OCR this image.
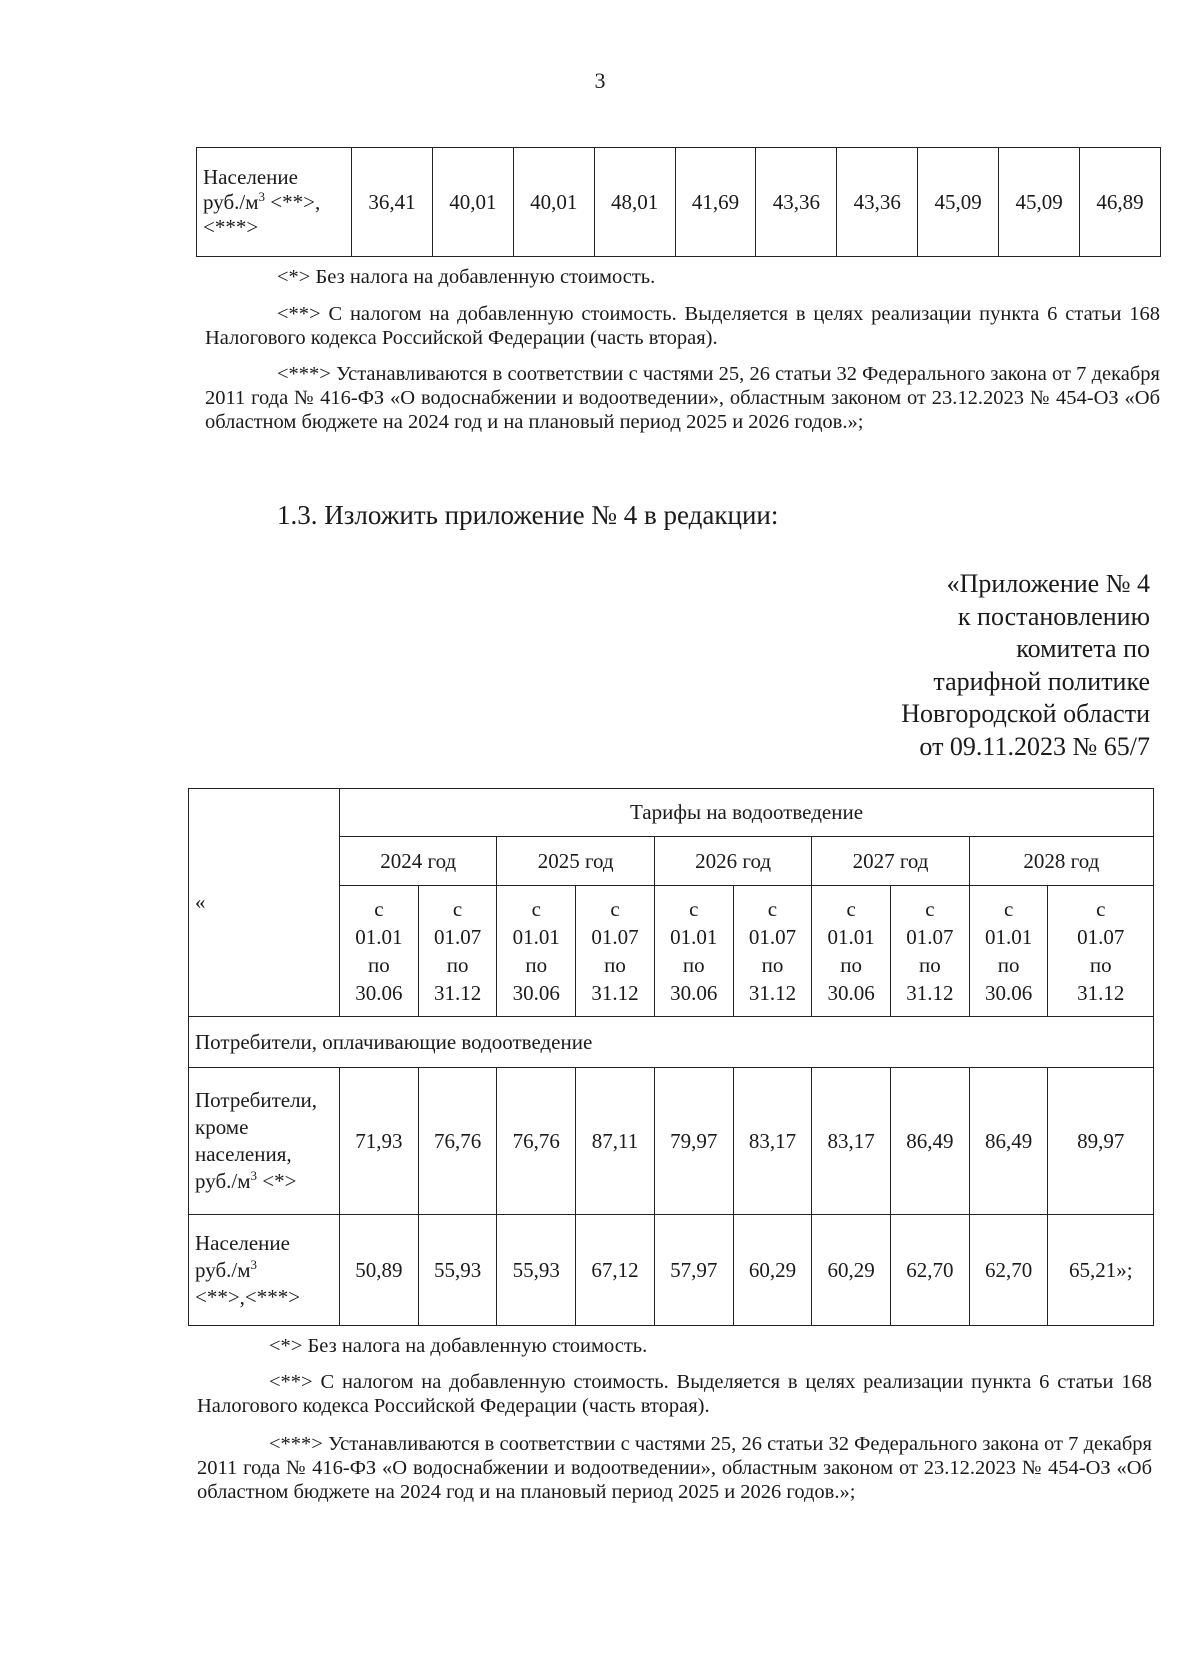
3
Население
$руб./м^3$ <**>,
<***>	36,41	40,01	40,01	48,01	41,69	43,36	43,36	45,09	45,09	46,89
<*> Без налога на добавленную стоимость.
<**> С налогом на добавленную стоимость. Выделяется в целях реализации пункта 6 статьи 168 Налогового кодекса Российской Федерации (часть вторая).
<***> Устанавливаются в соответствии с частями 25, 26 статьи 32 Федерального закона от 7 декабря 2011 года № 416-ФЗ «О водоснабжении и водоотведении», областным законом от 23.12.2023 № 454-ОЗ «Об областном бюджете на 2024 год и на плановый период 2025 и 2026 годов.»;
1.3. Изложить приложение № 4 в редакции:
«Приложение № 4
к постановлению
комитета по
тарифной политике
Новгородской области
от 09.11.2023 № 65/7
«	Тарифы на водоотведение									
	2024 год		2025 год		2026 год		2027 год		2028 год	
	с
01.01
по
30.06	с
01.07
по
31.12	с
01.01
по
30.06	с
01.07
по
31.12	с
01.01
по
30.06	с
01.07
по
31.12	с
01.01
по
30.06	с
01.07
по
31.12	с
01.01
по
30.06	с
01.07
по
31.12
Потребители, оплачивающие водоотведение										
Потребители,
кроме
населения,
$руб./м^3$ <*>	71,93	76,76	76,76	87,11	79,97	83,17	83,17	86,49	86,49	89,97
Население
$руб./м^3$
<**>,<***>	50,89	55,93	55,93	67,12	57,97	60,29	60,29	62,70	62,70	65,21»;
<*> Без налога на добавленную стоимость.
<**> С налогом на добавленную стоимость. Выделяется в целях реализации пункта 6 статьи 168 Налогового кодекса Российской Федерации (часть вторая).
<***> Устанавливаются в соответствии с частями 25, 26 статьи 32 Федерального закона от 7 декабря 2011 года № 416-ФЗ «О водоснабжении и водоотведении», областным законом от 23.12.2023 № 454-ОЗ «Об областном бюджете на 2024 год и на плановый период 2025 и 2026 годов.»;
